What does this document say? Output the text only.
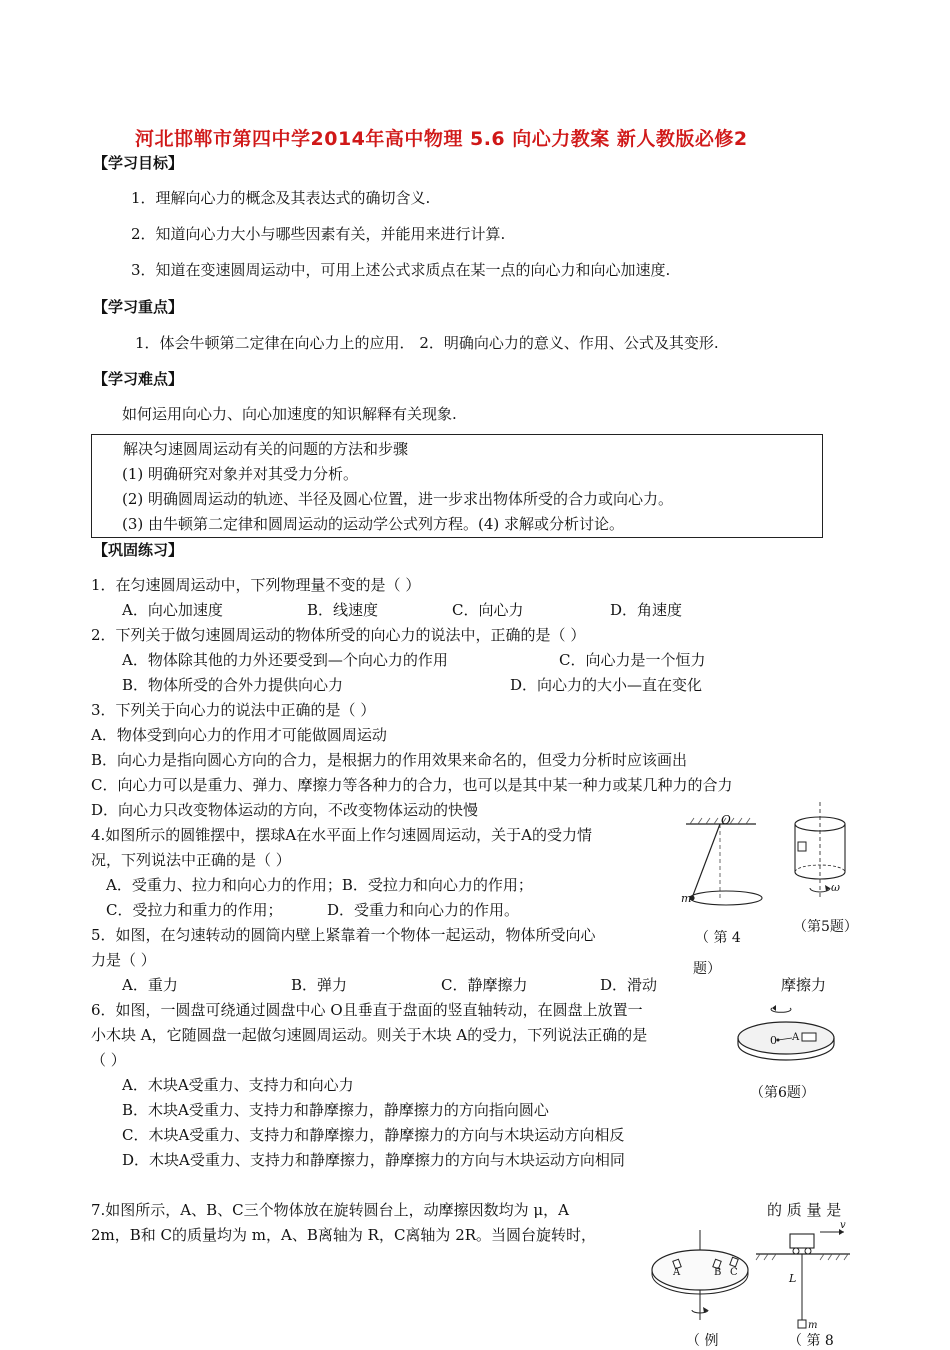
河北邯郸市第四中学2014年高中物理 5.6 向心力教案 新人教版必修2
【学习目标】
1．理解向心力的概念及其表达式的确切含义.
2．知道向心力大小与哪些因素有关，并能用来进行计算.
3．知道在变速圆周运动中，可用上述公式求质点在某一点的向心力和向心加速度.
【学习重点】
1．体会牛顿第二定律在向心力上的应用． 2．明确向心力的意义、作用、公式及其变形.
【学习难点】
如何运用向心力、向心加速度的知识解释有关现象.
解决匀速圆周运动有关的问题的方法和步骤
(1) 明确研究对象并对其受力分析。
(2) 明确圆周运动的轨迹、半径及圆心位置，进一步求出物体所受的合力或向心力。
(3) 由牛顿第二定律和圆周运动的运动学公式列方程。(4) 求解或分析讨论。
【巩固练习】
1．在匀速圆周运动中，下列物理量不变的是（ ）
A．向心加速度	B．线速度	C．向心力	D．角速度
2．下列关于做匀速圆周运动的物体所受的向心力的说法中，正确的是（ ）
A．物体除其他的力外还要受到—个向心力的作用	C．向心力是一个恒力
B．物体所受的合外力提供向心力	D．向心力的大小—直在变化
3．下列关于向心力的说法中正确的是（ ）
A．物体受到向心力的作用才可能做圆周运动
B．向心力是指向圆心方向的合力，是根据力的作用效果来命名的，但受力分析时应该画出
C．向心力可以是重力、弹力、摩擦力等各种力的合力，也可以是其中某一种力或某几种力的合力
D．向心力只改变物体运动的方向，不改变物体运动的快慢
4.如图所示的圆锥摆中，摆球A在水平面上作匀速圆周运动，关于A的受力情
况，下列说法中正确的是（ ）
A．受重力、拉力和向心力的作用；B．受拉力和向心力的作用；
C．受拉力和重力的作用；	D．受重力和向心力的作用。
5．如图，在匀速转动的圆筒内壁上紧靠着一个物体一起运动，物体所受向心
力是（ ）
A．重力	B．弹力	C．静摩擦力	D．滑动	摩擦力
6．如图，一圆盘可绕通过圆盘中心 O且垂直于盘面的竖直轴转动，在圆盘上放置一
小木块 A，它随圆盘一起做匀速圆周运动。则关于木块 A的受力，下列说法正确的是
（ ）
A．木块A受重力、支持力和向心力
B．木块A受重力、支持力和静摩擦力，静摩擦力的方向指向圆心
C．木块A受重力、支持力和静摩擦力，静摩擦力的方向与木块运动方向相反
D．木块A受重力、支持力和静摩擦力，静摩擦力的方向与木块运动方向相同
7.如图所示，A、B、C三个物体放在旋转圆台上，动摩擦因数均为 μ，A	的 质 量 是
2m，B和 C的质量均为 m，A、B离轴为 R，C离轴为 2R。当圆台旋转时，
O
m
（ 第 4
题）
ω
（第5题）
0 A
（第6题）
A	B C
（ 例
v
L
m
（ 第 8
